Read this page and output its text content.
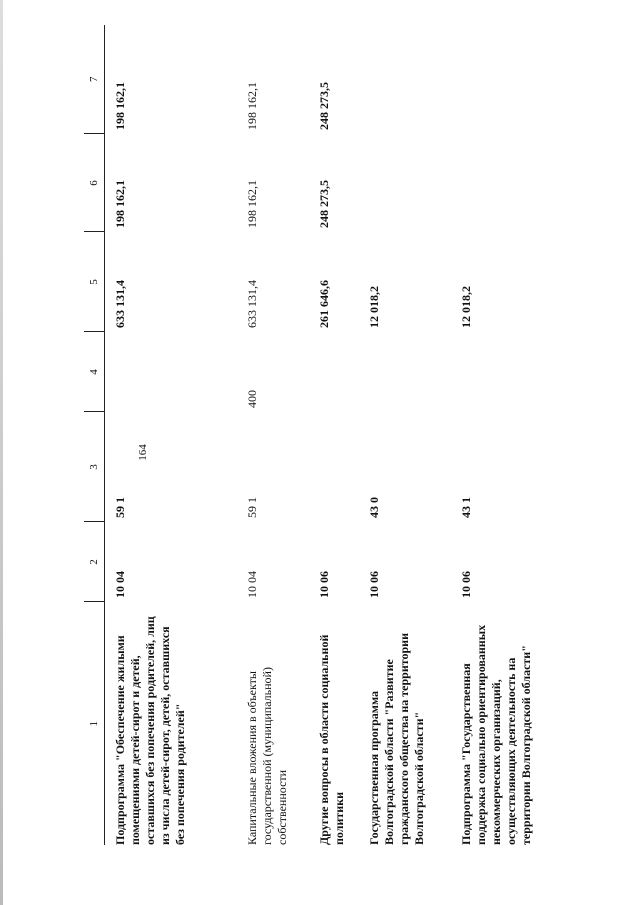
164
1	2	3	4	5	6	7
Подпрограмма "Обеспечение жилыми помещениями детей-сирот и детей, оставшихся без попечения родителей, лиц из числа детей-сирот, детей, оставшихся без попечения родителей"	10 04	59 1		633 131,4	198 162,1	198 162,1
Капитальные вложения в объекты государственной (муниципальной) собственности	10 04	59 1	400	633 131,4	198 162,1	198 162,1
Другие вопросы в области социальной политики	10 06			261 646,6	248 273,5	248 273,5
Государственная программа Волгоградской области "Развитие гражданского общества на территории Волгоградской области"	10 06	43 0		12 018,2		
Подпрограмма "Государственная поддержка социально ориентированных некоммерческих организаций, осуществляющих деятельность на территории Волгоградской области"	10 06	43 1		12 018,2		
